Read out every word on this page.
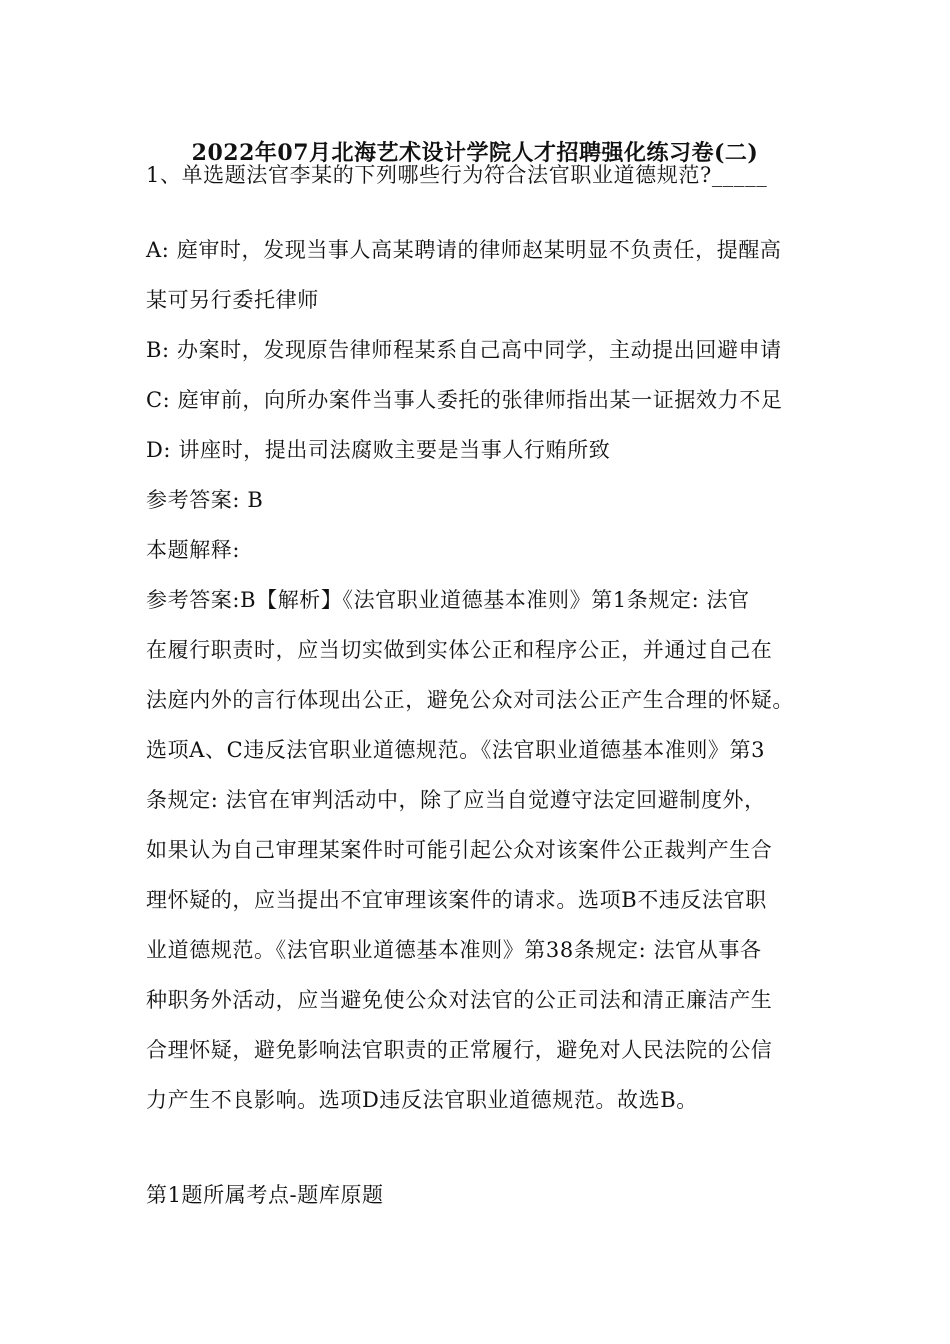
2022年07月北海艺术设计学院人才招聘强化练习卷(二)
1、单选题法官李某的下列哪些行为符合法官职业道德规范?_____
A: 庭审时，发现当事人高某聘请的律师赵某明显不负责任，提醒高
某可另行委托律师
B: 办案时，发现原告律师程某系自己高中同学，主动提出回避申请
C: 庭审前，向所办案件当事人委托的张律师指出某一证据效力不足
D: 讲座时，提出司法腐败主要是当事人行贿所致
参考答案: B
本题解释:
参考答案:B【解析】《法官职业道德基本准则》第1条规定: 法官
在履行职责时，应当切实做到实体公正和程序公正，并通过自己在
法庭内外的言行体现出公正，避免公众对司法公正产生合理的怀疑。
选项A、C违反法官职业道德规范。《法官职业道德基本准则》第3
条规定: 法官在审判活动中，除了应当自觉遵守法定回避制度外，
如果认为自己审理某案件时可能引起公众对该案件公正裁判产生合
理怀疑的，应当提出不宜审理该案件的请求。选项B不违反法官职
业道德规范。《法官职业道德基本准则》第38条规定: 法官从事各
种职务外活动，应当避免使公众对法官的公正司法和清正廉洁产生
合理怀疑，避免影响法官职责的正常履行，避免对人民法院的公信
力产生不良影响。选项D违反法官职业道德规范。故选B。
第1题所属考点-题库原题
